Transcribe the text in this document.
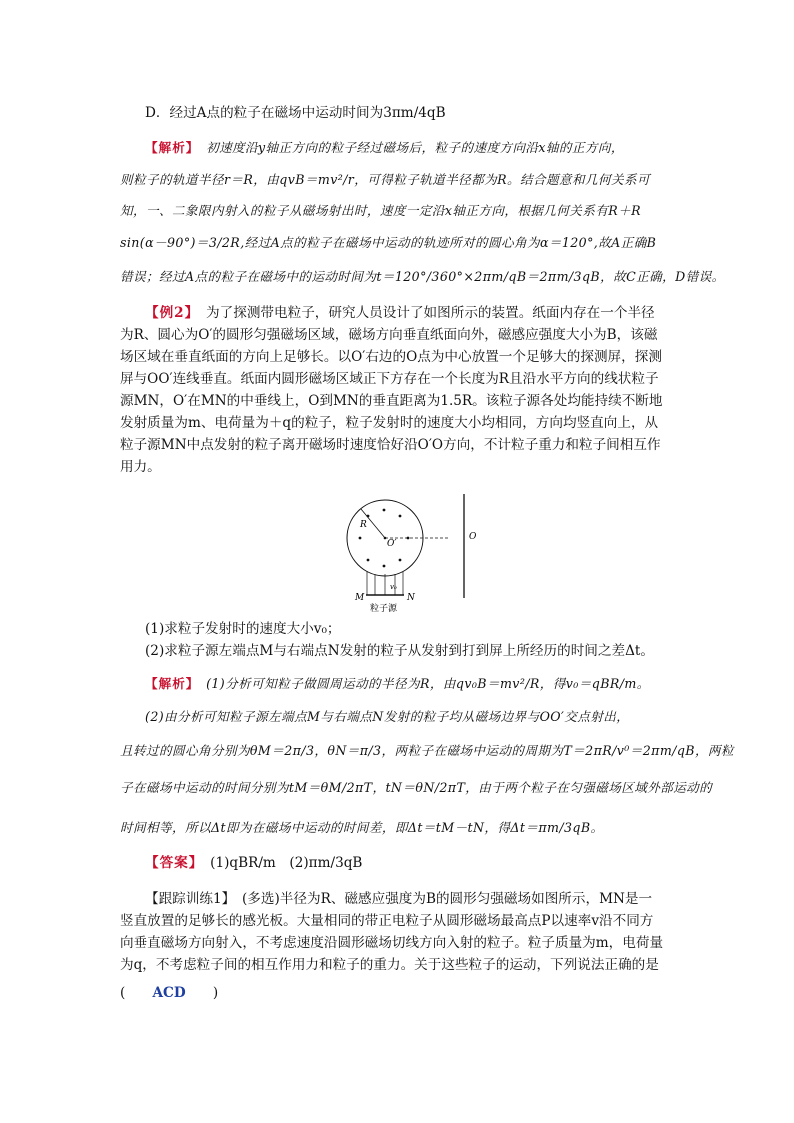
D．经过A点的粒子在磁场中运动时间为3πm/4qB
【解析】　初速度沿y轴正方向的粒子经过磁场后，粒子的速度方向沿x轴的正方向，
则粒子的轨道半径r＝R，由qvB＝mv²/r，可得粒子轨道半径都为R。结合题意和几何关系可
知，一、二象限内射入的粒子从磁场射出时，速度一定沿x轴正方向，根据几何关系有R＋R
sin(α－90°)＝3/2R,经过A点的粒子在磁场中运动的轨迹所对的圆心角为α＝120°,故A正确B
错误；经过A点的粒子在磁场中的运动时间为t＝120°/360°×2πm/qB＝2πm/3qB，故C正确，D错误。
【例2】　为了探测带电粒子，研究人员设计了如图所示的装置。纸面内存在一个半径
为R、圆心为O′的圆形匀强磁场区域，磁场方向垂直纸面向外，磁感应强度大小为B，该磁
场区域在垂直纸面的方向上足够长。以O′右边的O点为中心放置一个足够大的探测屏，探测
屏与OO′连线垂直。纸面内圆形磁场区域正下方存在一个长度为R且沿水平方向的线状粒子
源MN，O′在MN的中垂线上，O到MN的垂直距离为1.5R。该粒子源各处均能持续不断地
发射质量为m、电荷量为＋q的粒子，粒子发射时的速度大小均相同，方向均竖直向上，从
粒子源MN中点发射的粒子离开磁场时速度恰好沿O′O方向，不计粒子重力和粒子间相互作
用力。
R
O′
O
v₀
M	N
粒子源
(1)求粒子发射时的速度大小v₀；
(2)求粒子源左端点M与右端点N发射的粒子从发射到打到屏上所经历的时间之差Δt。
【解析】　(1)分析可知粒子做圆周运动的半径为R，由qv₀B＝mv²/R，得v₀＝qBR/m。
(2)由分析可知粒子源左端点M与右端点N发射的粒子均从磁场边界与OO′交点射出，
且转过的圆心角分别为θM＝2π/3，θN＝π/3，两粒子在磁场中运动的周期为T＝2πR/v⁰＝2πm/qB，两粒
子在磁场中运动的时间分别为tM＝θM/2πT，tN＝θN/2πT，由于两个粒子在匀强磁场区域外部运动的
时间相等，所以Δt即为在磁场中运动的时间差，即Δt＝tM－tN，得Δt＝πm/3qB。
【答案】　(1)qBR/m　(2)πm/3qB
【跟踪训练1】　(多选)半径为R、磁感应强度为B的圆形匀强磁场如图所示，MN是一
竖直放置的足够长的感光板。大量相同的带正电粒子从圆形磁场最高点P以速率v沿不同方
向垂直磁场方向射入，不考虑速度沿圆形磁场切线方向入射的粒子。粒子质量为m，电荷量
为q，不考虑粒子间的相互作用力和粒子的重力。关于这些粒子的运动，下列说法正确的是
(　　ACD　　)
